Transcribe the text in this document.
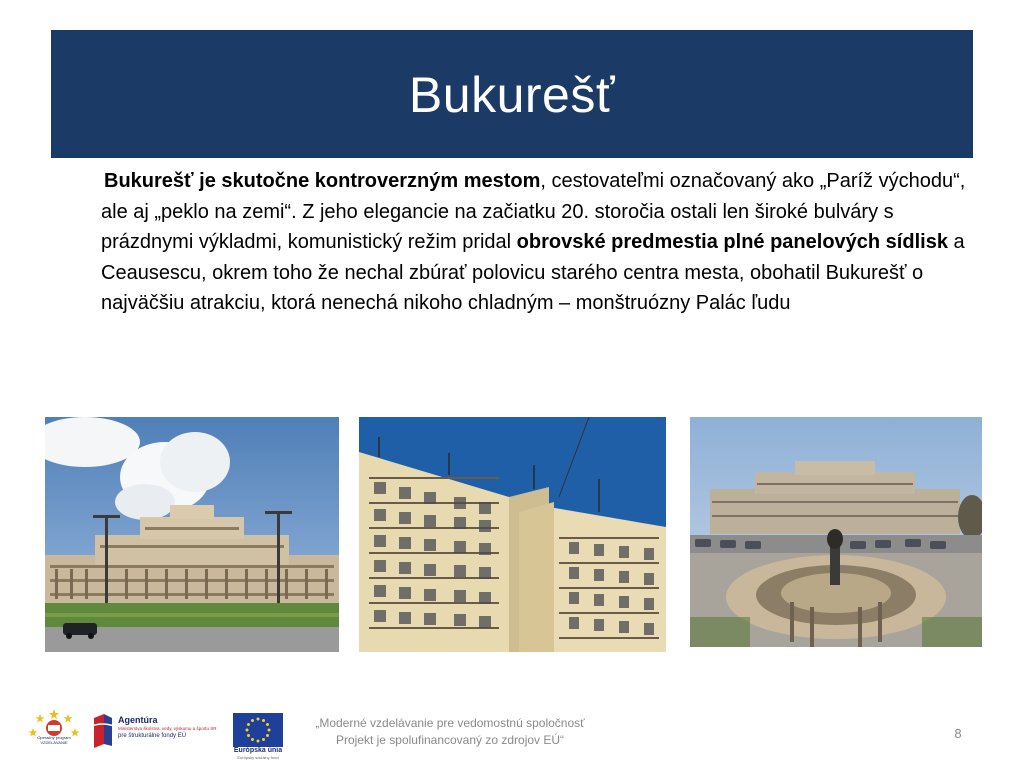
Bukurešť
Bukurešť je skutočne kontroverzným mestom, cestovateľmi označovaný ako „Paríž východu“, ale aj „peklo na zemi“. Z jeho elegancie na začiatku 20. storočia ostali len široké bulváry s prázdnymi výkladmi, komunistický režim pridal obrovské predmestia plné panelových sídlisk a Ceausescu, okrem toho že nechal zbúrať polovicu starého centra mesta, obohatil Bukurešť o najväčšiu atrakciu, ktorá nenechá nikoho chladným – monštruózny Palác ľudu
Operačný program VZDELÁVANIE
Agentúra
Ministerstva školstva, vedy, výskumu a športu SR
pre štrukturálne fondy EÚ
Európska únia
Európsky sociálny fond
„Moderné vzdelávanie pre vedomostnú spoločnosť
Projekt je spolufinancovaný zo zdrojov EÚ“	8
